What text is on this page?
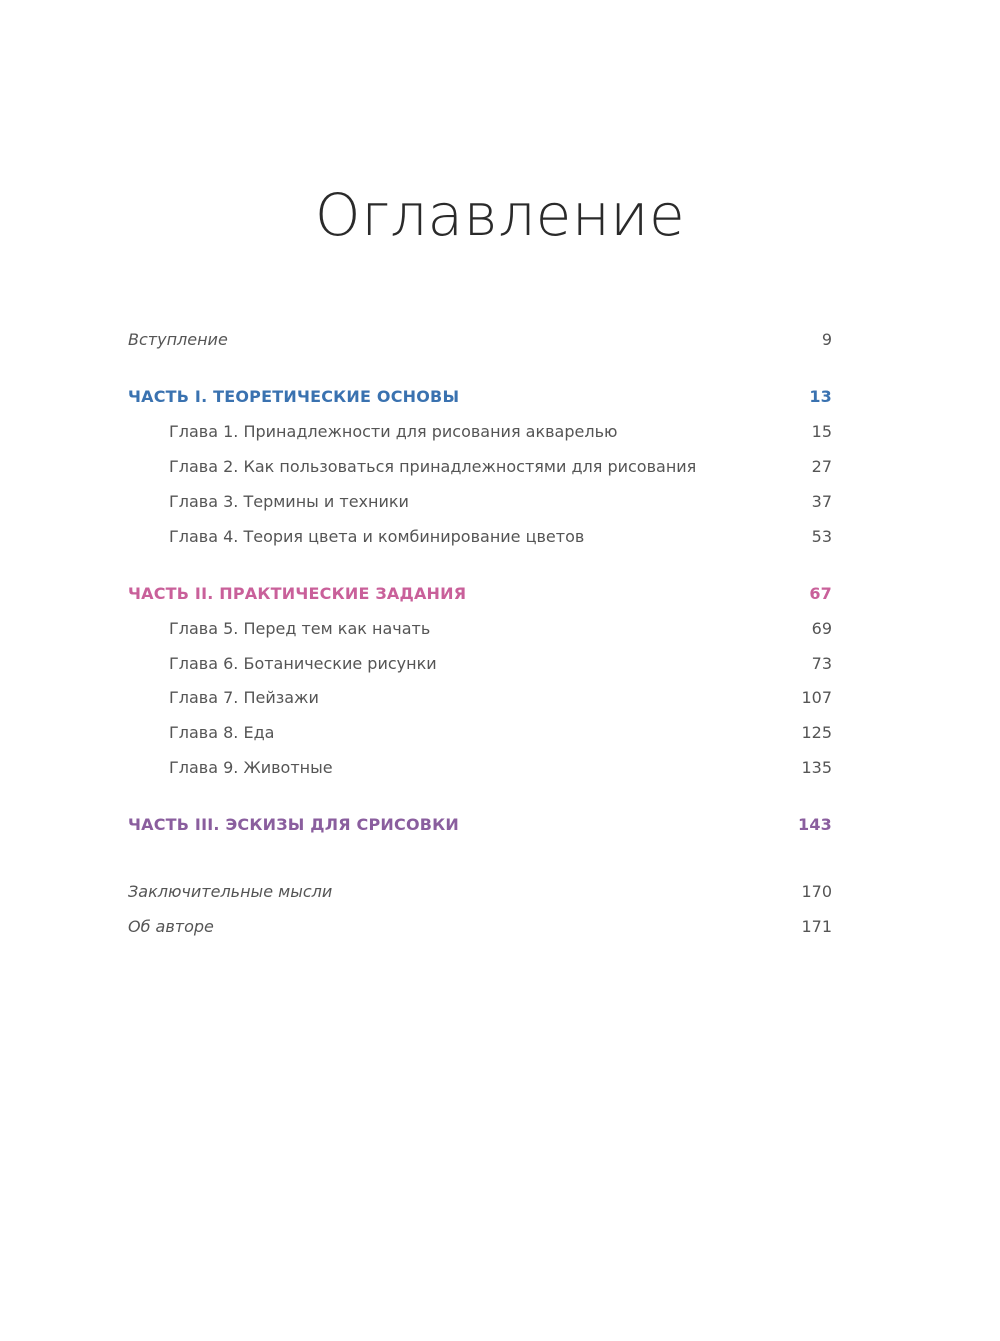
Оглавление
Вступление	9
ЧАСТЬ I. ТЕОРЕТИЧЕСКИЕ ОСНОВЫ	13
Глава 1. Принадлежности для рисования акварелью	15
Глава 2. Как пользоваться принадлежностями для рисования	27
Глава 3. Термины и техники	37
Глава 4. Теория цвета и комбинирование цветов	53
ЧАСТЬ II. ПРАКТИЧЕСКИЕ ЗАДАНИЯ	67
Глава 5. Перед тем как начать	69
Глава 6. Ботанические рисунки	73
Глава 7. Пейзажи	107
Глава 8. Еда	125
Глава 9. Животные	135
ЧАСТЬ III. ЭСКИЗЫ ДЛЯ СРИСОВКИ	143
Заключительные мысли	170
Об авторе	171
